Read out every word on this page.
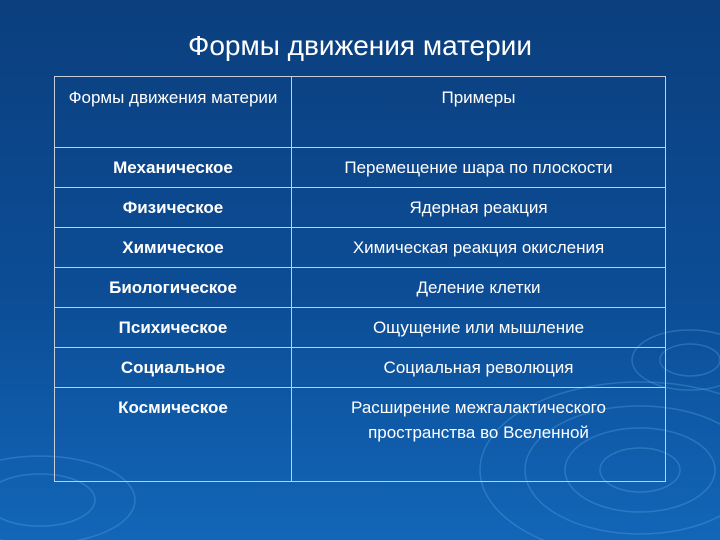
Формы движения материи
Формы движения материи	Примеры
Механическое	Перемещение шара по плоскости
Физическое	Ядерная реакция
Химическое	Химическая реакция окисления
Биологическое	Деление клетки
Психическое	Ощущение или мышление
Социальное	Социальная революция
Космическое	Расширение межгалактического пространства во Вселенной
